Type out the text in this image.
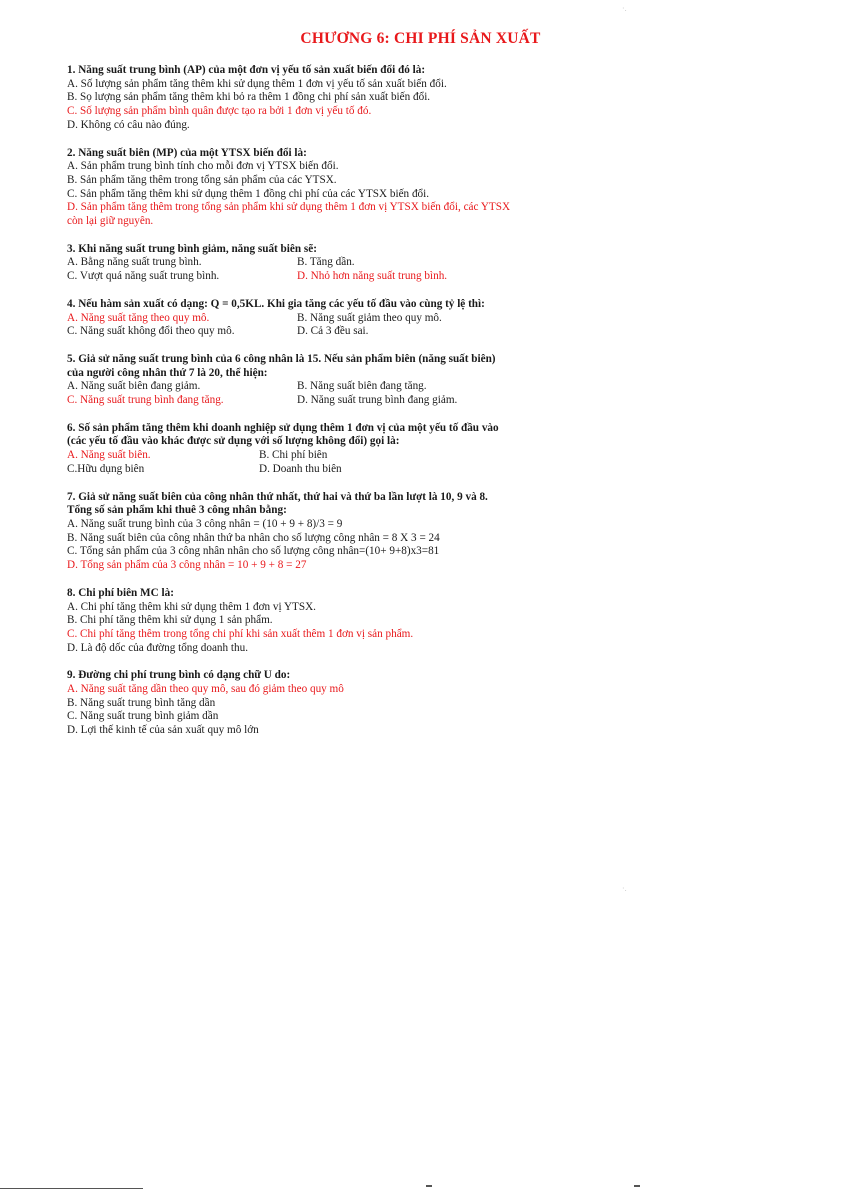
CHƯƠNG 6: CHI PHÍ SẢN XUẤT
1. Năng suất trung bình (AP) của một đơn vị yếu tố sản xuất biến đổi đó là:
A. Số lượng sản phẩm tăng thêm khi sử dụng thêm 1 đơn vị yếu tố sản xuất biến đổi.
B. Sọ lượng sản phẩm tăng thêm khi bỏ ra thêm 1 đồng chi phí sản xuất biến đổi.
C. Số lượng sản phẩm bình quân được tạo ra bởi 1 đơn vị yếu tố đó.
D. Không có câu nào đúng.
2. Năng suất biên (MP) của một YTSX biến đổi là:
A. Sản phẩm trung bình tính cho mỗi đơn vị YTSX biến đổi.
B. Sản phẩm tăng thêm trong tổng sản phẩm của các YTSX.
C. Sản phẩm tăng thêm khi sử dụng thêm 1 đồng chi phí của các YTSX biến đổi.
D. Sản phẩm tăng thêm trong tổng sản phẩm khi sử dụng thêm 1 đơn vị YTSX biến đổi, các YTSX
còn lại giữ nguyên.
3. Khi năng suất trung bình giảm, năng suất biên sẽ:
A. Bằng năng suất trung bình.	B. Tăng dần.
C. Vượt quá năng suất trung bình.	D. Nhỏ hơn năng suất trung bình.
4. Nếu hàm sản xuất có dạng: Q = 0,5KL. Khi gia tăng các yếu tố đầu vào cùng tỷ lệ thì:
A. Năng suất tăng theo quy mô.	B. Năng suất giảm theo quy mô.
C. Năng suất không đổi theo quy mô.	D. Cả 3 đều sai.
5. Giả sử năng suất trung bình của 6 công nhân là 15. Nếu sản phẩm biên (năng suất biên)
của người công nhân thứ 7 là 20, thể hiện:
A. Năng suất biên đang giảm.	B. Năng suất biên đang tăng.
C. Năng suất trung bình đang tăng.	D. Năng suất trung bình đang giảm.
6. Số sản phẩm tăng thêm khi doanh nghiệp sử dụng thêm 1 đơn vị của một yếu tố đầu vào
(các yếu tố đầu vào khác được sử dụng với số lượng không đổi) gọi là:
A. Năng suất biên.	B. Chi phí biên
C.Hữu dụng biên	D. Doanh thu biên
7. Giả sử năng suất biên của công nhân thứ nhất, thứ hai và thứ ba lần lượt là 10, 9 và 8.
Tổng số sản phẩm khi thuê 3 công nhân bằng:
A. Năng suất trung bình của 3 công nhân = (10 + 9 + 8)/3 = 9
B. Năng suất biên của công nhân thứ ba nhân cho số lượng công nhân = 8 X 3 = 24
C. Tổng sản phẩm của 3 công nhân nhân cho số lượng công nhân=(10+ 9+8)x3=81
D. Tổng sản phẩm của 3 công nhân = 10 + 9 + 8 = 27
8. Chi phí biên MC là:
A. Chi phí tăng thêm khi sử dụng thêm 1 đơn vị YTSX.
B. Chi phí tăng thêm khi sử dụng 1 sản phẩm.
C. Chi phí tăng thêm trong tổng chi phí khi sản xuất thêm 1 đơn vị sản phẩm.
D. Là độ dốc của đường tổng doanh thu.
9. Đường chi phí trung bình có dạng chữ U do:
A. Năng suất tăng dần theo quy mô, sau đó giảm theo quy mô
B. Năng suất trung bình tăng dần
C. Năng suất trung bình giảm dần
D. Lợi thế kinh tế của sản xuất quy mô lớn
·.
·.
